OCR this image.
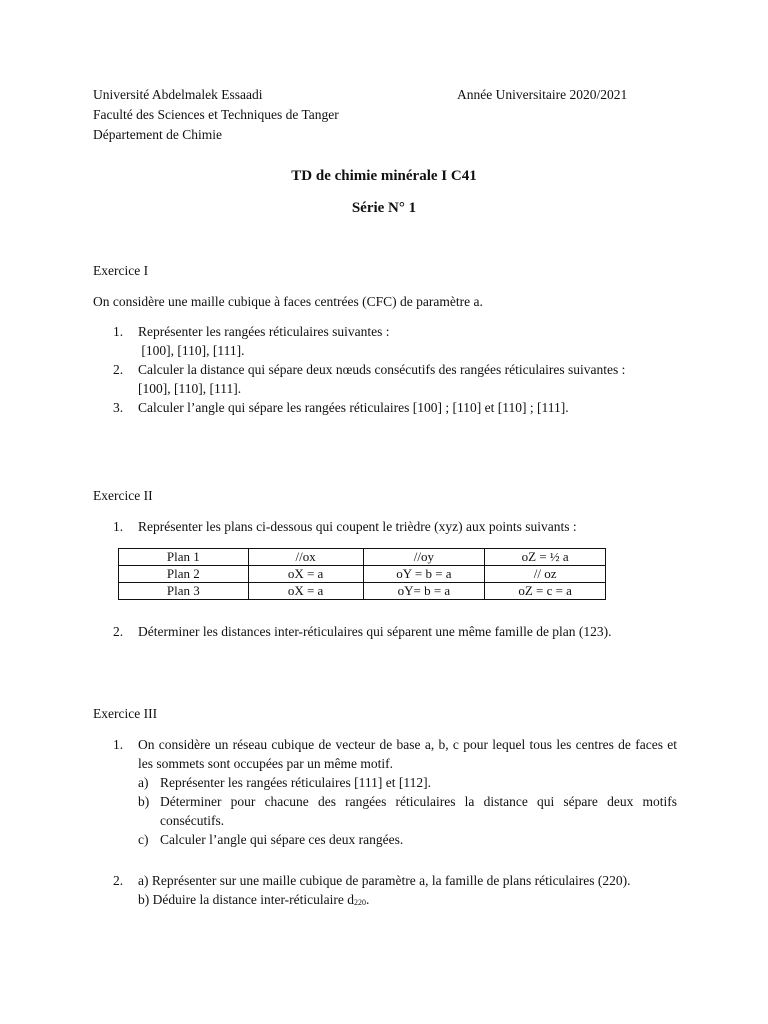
Université Abdelmalek Essaadi
Faculté des Sciences et Techniques de Tanger
Département de Chimie
Année Universitaire 2020/2021
TD de chimie minérale I C41
Série N° 1
Exercice I
On considère une maille cubique à faces centrées (CFC) de paramètre a.
1. Représenter les rangées réticulaires suivantes :
[100], [110], [111].
2. Calculer la distance qui sépare deux nœuds consécutifs des rangées réticulaires suivantes :
[100], [110], [111].
3. Calculer l’angle qui sépare les rangées réticulaires [100] ; [110] et [110] ; [111].
Exercice II
1. Représenter les plans ci-dessous qui coupent le trièdre (xyz) aux points suivants :
Plan 1	//ox	//oy	oZ = ½ a
Plan 2	oX = a	oY = b = a	// oz
Plan 3	oX = a	oY= b = a	oZ = c = a
2. Déterminer les distances inter-réticulaires qui séparent une même famille de plan (123).
Exercice III
1. On considère un réseau cubique de vecteur de base a, b, c pour lequel tous les centres de faces et les sommets sont occupées par un même motif.
a) Représenter les rangées réticulaires [111] et [112].
b) Déterminer pour chacune des rangées réticulaires la distance qui sépare deux motifs consécutifs.
c) Calculer l’angle qui sépare ces deux rangées.
2. a) Représenter sur une maille cubique de paramètre a, la famille de plans réticulaires (220).
b) Déduire la distance inter-réticulaire $d_{220}$.
